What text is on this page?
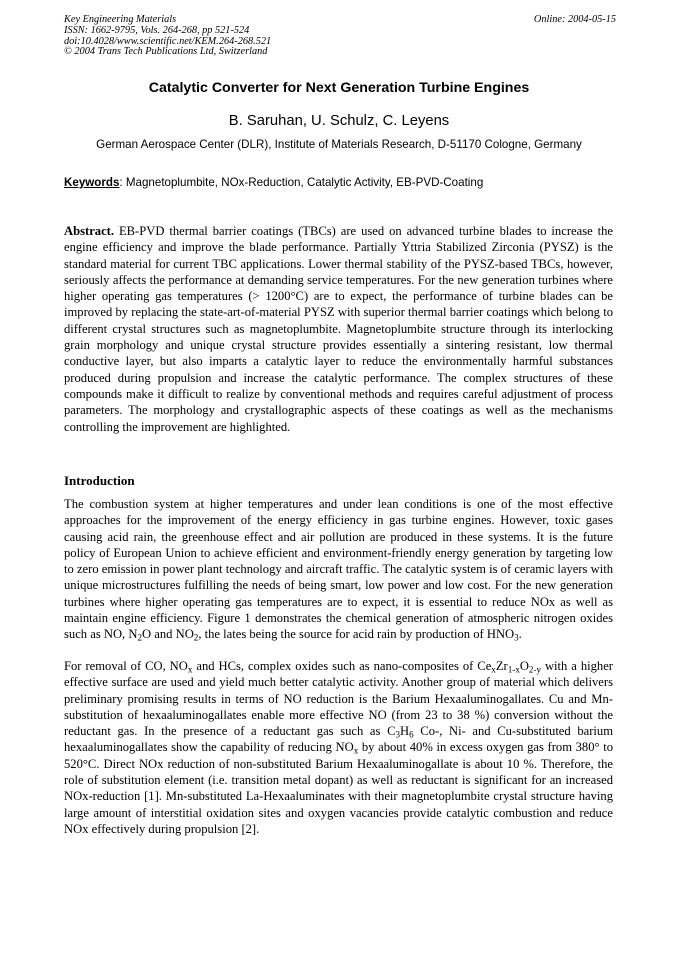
Key Engineering Materials
ISSN: 1662-9795, Vols. 264-268, pp 521-524
doi:10.4028/www.scientific.net/KEM.264-268.521
© 2004 Trans Tech Publications Ltd, Switzerland
Online: 2004-05-15
Catalytic Converter for Next Generation Turbine Engines
B. Saruhan, U. Schulz, C. Leyens
German Aerospace Center (DLR), Institute of Materials Research, D-51170 Cologne, Germany
Keywords: Magnetoplumbite, NOx-Reduction, Catalytic Activity, EB-PVD-Coating
Abstract. EB-PVD thermal barrier coatings (TBCs) are used on advanced turbine blades to increase the engine efficiency and improve the blade performance. Partially Yttria Stabilized Zirconia (PYSZ) is the standard material for current TBC applications. Lower thermal stability of the PYSZ-based TBCs, however, seriously affects the performance at demanding service temperatures. For the new generation turbines where higher operating gas temperatures (> 1200°C) are to expect, the performance of turbine blades can be improved by replacing the state-art-of-material PYSZ with superior thermal barrier coatings which belong to different crystal structures such as magnetoplumbite. Magnetoplumbite structure through its interlocking grain morphology and unique crystal structure provides essentially a sintering resistant, low thermal conductive layer, but also imparts a catalytic layer to reduce the environmentally harmful substances produced during propulsion and increase the catalytic performance. The complex structures of these compounds make it difficult to realize by conventional methods and requires careful adjustment of process parameters. The morphology and crystallographic aspects of these coatings as well as the mechanisms controlling the improvement are highlighted.
Introduction

The combustion system at higher temperatures and under lean conditions is one of the most effective approaches for the improvement of the energy efficiency in gas turbine engines. However, toxic gases causing acid rain, the greenhouse effect and air pollution are produced in these systems. It is the future policy of European Union to achieve efficient and environment-friendly energy generation by targeting low to zero emission in power plant technology and aircraft traffic. The catalytic system is of ceramic layers with unique microstructures fulfilling the needs of being smart, low power and low cost. For the new generation turbines where higher operating gas temperatures are to expect, it is essential to reduce NOx as well as maintain engine efficiency. Figure 1 demonstrates the chemical generation of atmospheric nitrogen oxides such as NO, $N_2O$ and $NO_2$, the lates being the source for acid rain by production of $HNO_3$.

For removal of CO, $NO_x$ and HCs, complex oxides such as nano-composites of $Ce_xZr_{1-x}O_{2-y}$ with a higher effective surface are used and yield much better catalytic activity. Another group of material which delivers preliminary promising results in terms of NO reduction is the Barium Hexaaluminogallates. Cu and Mn-substitution of hexaaluminogallates enable more effective NO (from 23 to 38 %) conversion without the reductant gas. In the presence of a reductant gas such as $C_3H_6$ Co-, Ni- and Cu-substituted barium hexaaluminogallates show the capability of reducing $NO_x$ by about 40% in excess oxygen gas from 380° to 520°C. Direct NOx reduction of non-substituted Barium Hexaaluminogallate is about 10 %. Therefore, the role of substitution element (i.e. transition metal dopant) as well as reductant is significant for an increased NOx-reduction [1]. Mn-substituted La-Hexaaluminates with their magnetoplumbite crystal structure having large amount of interstitial oxidation sites and oxygen vacancies provide catalytic combustion and reduce NOx effectively during propulsion [2].
